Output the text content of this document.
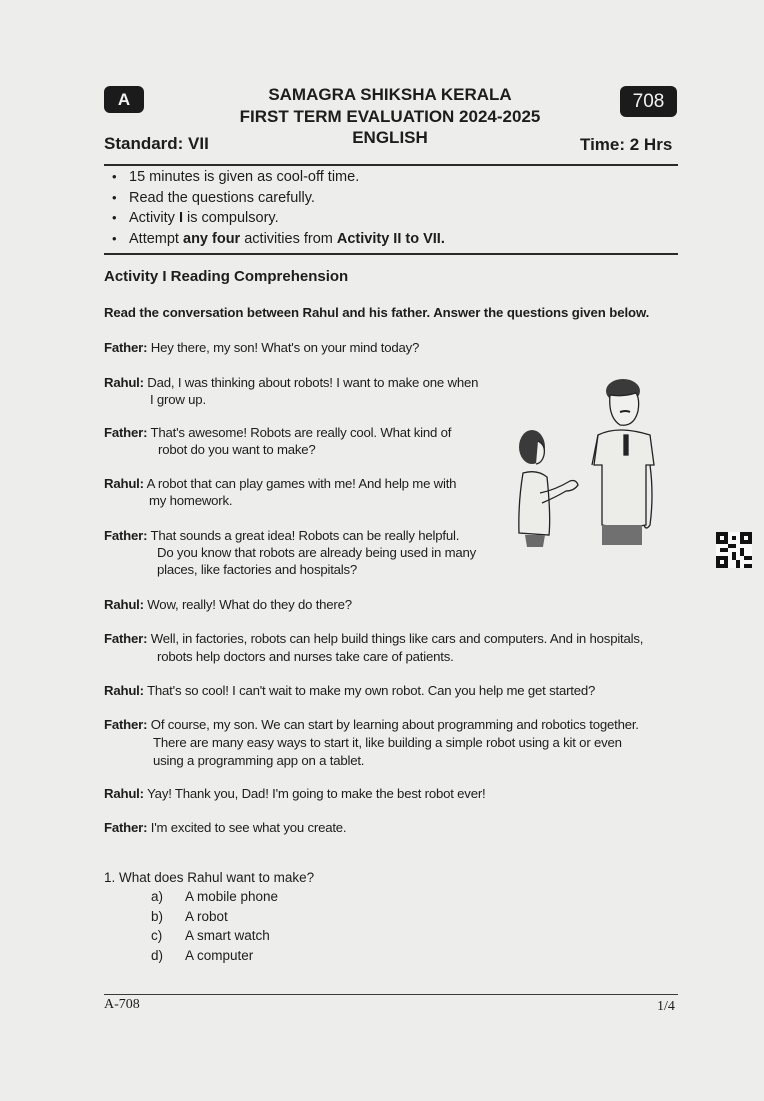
A	708
SAMAGRA SHIKSHA KERALA
FIRST TERM EVALUATION 2024-2025
ENGLISH
Standard: VII	Time: 2 Hrs
• 15 minutes is given as cool-off time.
• Read the questions carefully.
• Activity I is compulsory.
• Attempt any four activities from Activity II to VII.
Activity I Reading Comprehension
Read the conversation between Rahul and his father. Answer the questions given below.
Father: Hey there, my son! What's on your mind today?
Rahul: Dad, I was thinking about robots! I want to make one when
I grow up.
Father: That's awesome! Robots are really cool. What kind of
robot do you want to make?
Rahul: A robot that can play games with me! And help me with
my homework.
Father: That sounds a great idea! Robots can be really helpful.
Do you know that robots are already being used in many
places, like factories and hospitals?
Rahul: Wow, really! What do they do there?
Father: Well, in factories, robots can help build things like cars and computers. And in hospitals,
robots help doctors and nurses take care of patients.
Rahul: That's so cool! I can't wait to make my own robot. Can you help me get started?
Father: Of course, my son. We can start by learning about programming and robotics together.
There are many easy ways to start it, like building a simple robot using a kit or even
using a programming app on a tablet.
Rahul: Yay! Thank you, Dad! I'm going to make the best robot ever!
Father: I'm excited to see what you create.
1. What does Rahul want to make?
a) A mobile phone
b) A robot
c) A smart watch
d) A computer
A-708	1/4
